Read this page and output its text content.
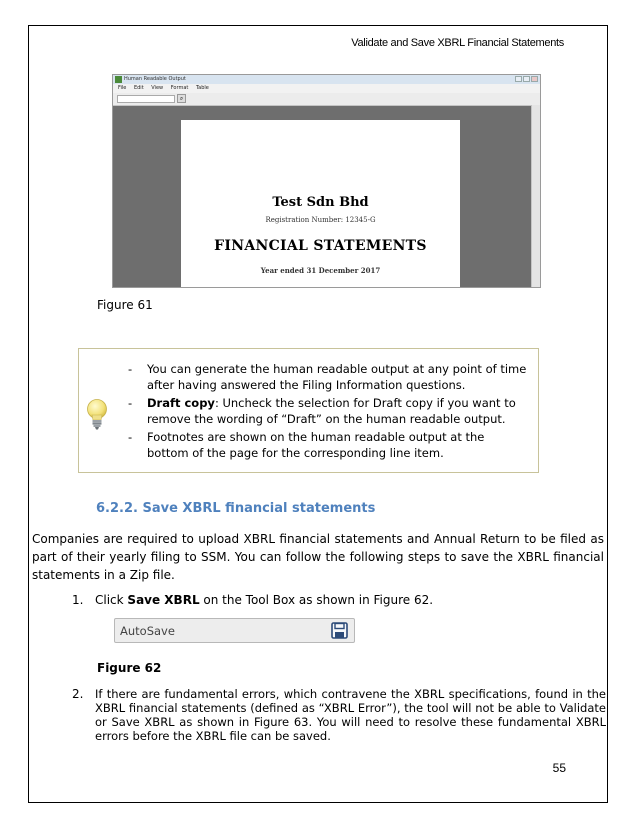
Validate and Save XBRL Financial Statements
Human Readable Output
File Edit View Format Table
⌕
Test Sdn Bhd
Registration Number: 12345-G
FINANCIAL STATEMENTS
Year ended 31 December 2017
Figure 61
- You can generate the human readable output at any point of time after having answered the Filing Information questions.
- Draft copy: Uncheck the selection for Draft copy if you want to remove the wording of “Draft” on the human readable output.
- Footnotes are shown on the human readable output at the bottom of the page for the corresponding line item.
6.2.2. Save XBRL financial statements
Companies are required to upload XBRL financial statements and Annual Return to be filed as part of their yearly filing to SSM. You can follow the following steps to save the XBRL financial statements in a Zip file.
1. Click Save XBRL on the Tool Box as shown in Figure 62.
AutoSave
Figure 62
2. If there are fundamental errors, which contravene the XBRL specifications, found in the XBRL financial statements (defined as “XBRL Error”), the tool will not be able to Validate or Save XBRL as shown in Figure 63. You will need to resolve these fundamental XBRL errors before the XBRL file can be saved.
55
